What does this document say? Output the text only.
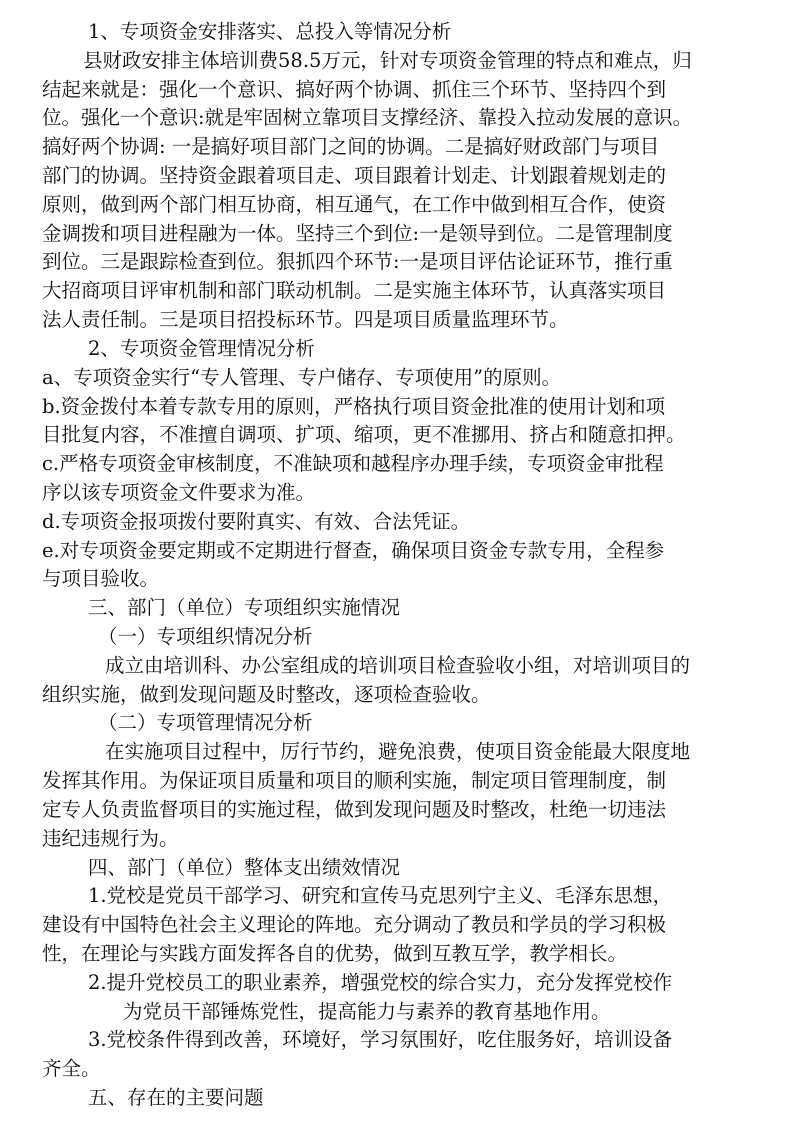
1、专项资金安排落实、总投入等情况分析
县财政安排主体培训费58.5万元，针对专项资金管理的特点和难点，归
结起来就是：强化一个意识、搞好两个协调、抓住三个环节、坚持四个到
位。强化一个意识:就是牢固树立靠项目支撑经济、靠投入拉动发展的意识。
搞好两个协调: 一是搞好项目部门之间的协调。二是搞好财政部门与项目
部门的协调。坚持资金跟着项目走、项目跟着计划走、计划跟着规划走的
原则，做到两个部门相互协商，相互通气，在工作中做到相互合作，使资
金调拨和项目进程融为一体。坚持三个到位:一是领导到位。二是管理制度
到位。三是跟踪检查到位。狠抓四个环节:一是项目评估论证环节，推行重
大招商项目评审机制和部门联动机制。二是实施主体环节，认真落实项目
法人责任制。三是项目招投标环节。四是项目质量监理环节。
2、专项资金管理情况分析
a、专项资金实行“专人管理、专户储存、专项使用”的原则。
b.资金拨付本着专款专用的原则，严格执行项目资金批准的使用计划和项
目批复内容，不准擅自调项、扩项、缩项，更不准挪用、挤占和随意扣押。
c.严格专项资金审核制度，不准缺项和越程序办理手续，专项资金审批程
序以该专项资金文件要求为准。
d.专项资金报项拨付要附真实、有效、合法凭证。
e.对专项资金要定期或不定期进行督查，确保项目资金专款专用，全程参
与项目验收。
三、部门（单位）专项组织实施情况
（一）专项组织情况分析
成立由培训科、办公室组成的培训项目检查验收小组，对培训项目的
组织实施，做到发现问题及时整改，逐项检查验收。
（二）专项管理情况分析
在实施项目过程中，厉行节约，避免浪费，使项目资金能最大限度地
发挥其作用。为保证项目质量和项目的顺利实施，制定项目管理制度，制
定专人负责监督项目的实施过程，做到发现问题及时整改，杜绝一切违法
违纪违规行为。
四、部门（单位）整体支出绩效情况
1.党校是党员干部学习、研究和宣传马克思列宁主义、毛泽东思想，
建设有中国特色社会主义理论的阵地。充分调动了教员和学员的学习积极
性，在理论与实践方面发挥各自的优势，做到互教互学，教学相长。
2.提升党校员工的职业素养，增强党校的综合实力，充分发挥党校作
为党员干部锤炼党性，提高能力与素养的教育基地作用。
3.党校条件得到改善，环境好，学习氛围好，吃住服务好，培训设备
齐全。
五、存在的主要问题
